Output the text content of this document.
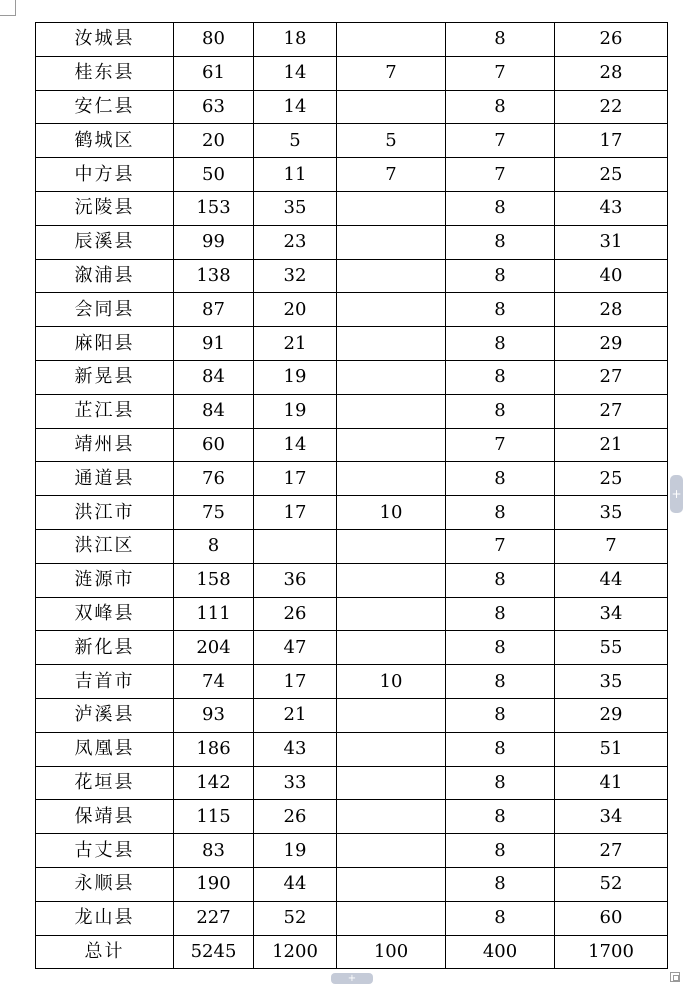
汝城县	80	18		8	26
桂东县	61	14	7	7	28
安仁县	63	14		8	22
鹤城区	20	5	5	7	17
中方县	50	11	7	7	25
沅陵县	153	35		8	43
辰溪县	99	23		8	31
溆浦县	138	32		8	40
会同县	87	20		8	28
麻阳县	91	21		8	29
新晃县	84	19		8	27
芷江县	84	19		8	27
靖州县	60	14		7	21
通道县	76	17		8	25
洪江市	75	17	10	8	35
洪江区	8			7	7
涟源市	158	36		8	44
双峰县	111	26		8	34
新化县	204	47		8	55
吉首市	74	17	10	8	35
泸溪县	93	21		8	29
凤凰县	186	43		8	51
花垣县	142	33		8	41
保靖县	115	26		8	34
古丈县	83	19		8	27
永顺县	190	44		8	52
龙山县	227	52		8	60
总计	5245	1200	100	400	1700
+
+
